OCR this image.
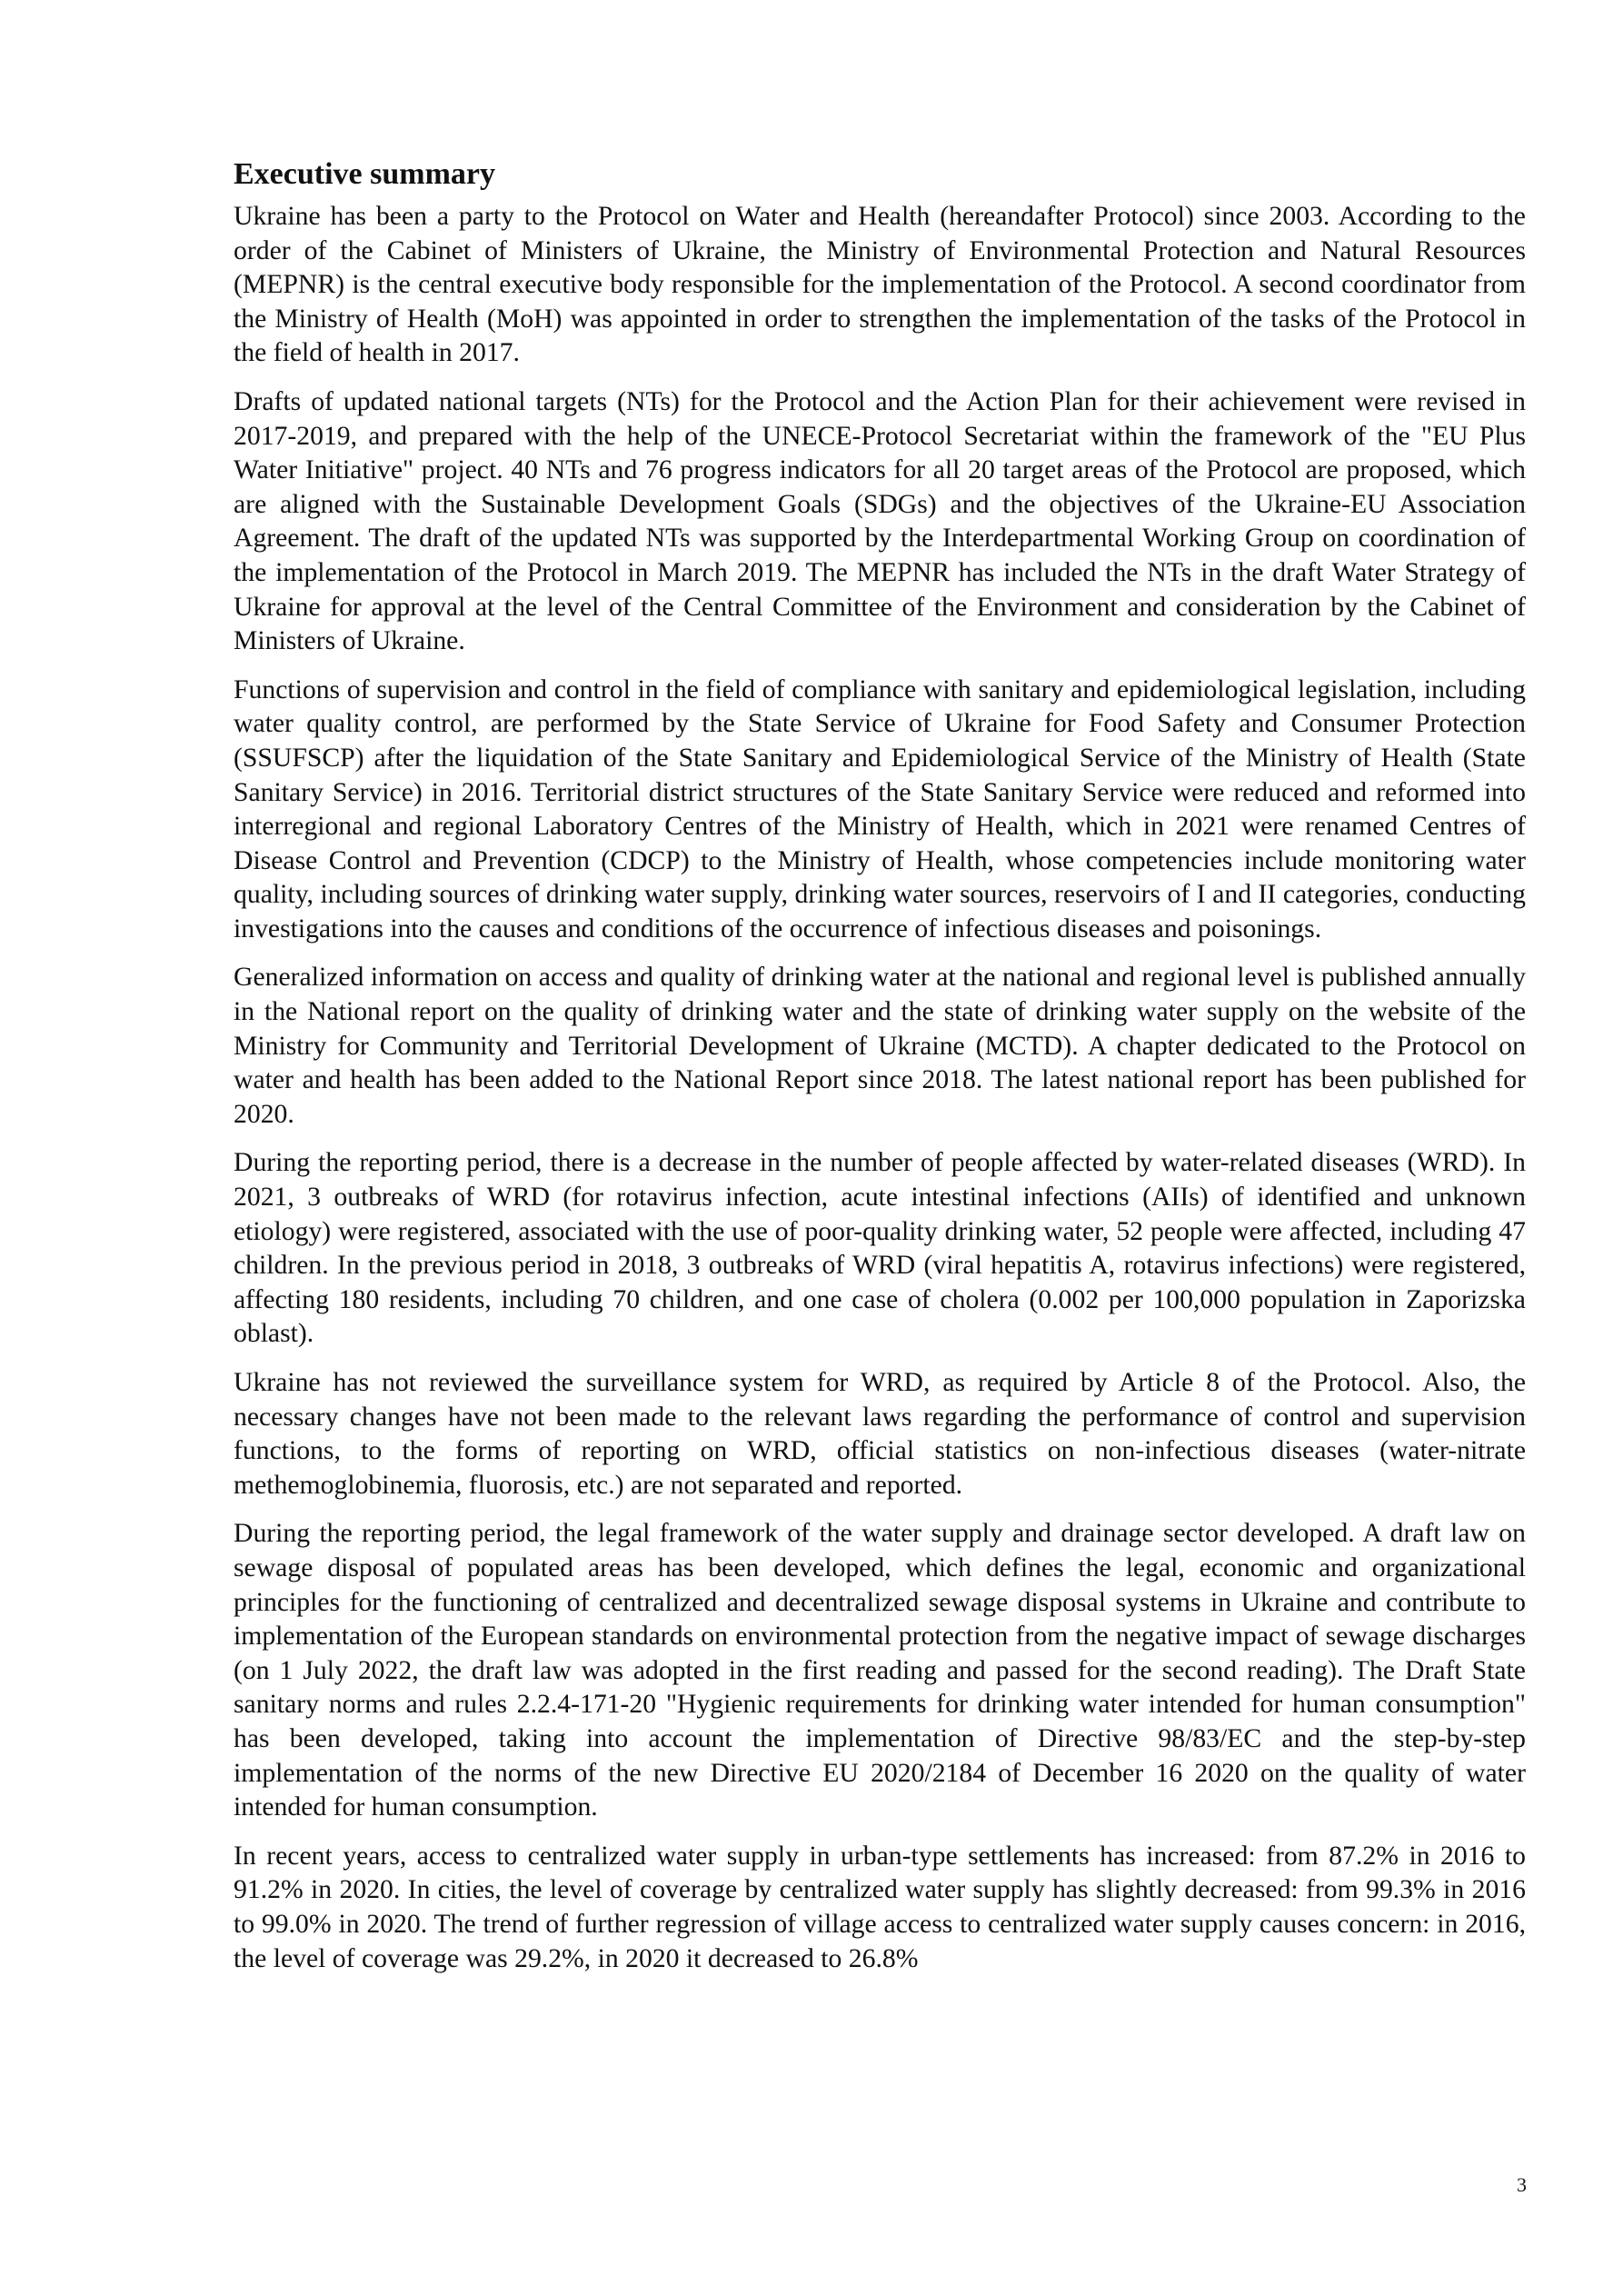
Executive summary

Ukraine has been a party to the Protocol on Water and Health (hereandafter Protocol) since 2003. According to the order of the Cabinet of Ministers of Ukraine, the Ministry of Environmental Protection and Natural Resources (MEPNR) is the central executive body responsible for the implementation of the Protocol. A second coordinator from the Ministry of Health (MoH) was appointed in order to strengthen the implementation of the tasks of the Protocol in the field of health in 2017.

Drafts of updated national targets (NTs) for the Protocol and the Action Plan for their achievement were revised in 2017-2019, and prepared with the help of the UNECE-Protocol Secretariat within the framework of the "EU Plus Water Initiative" project. 40 NTs and 76 progress indicators for all 20 target areas of the Protocol are proposed, which are aligned with the Sustainable Development Goals (SDGs) and the objectives of the Ukraine-EU Association Agreement. The draft of the updated NTs was supported by the Interdepartmental Working Group on coordination of the implementation of the Protocol in March 2019. The MEPNR has included the NTs in the draft Water Strategy of Ukraine for approval at the level of the Central Committee of the Environment and consideration by the Cabinet of Ministers of Ukraine.

Functions of supervision and control in the field of compliance with sanitary and epidemiological legislation, including water quality control, are performed by the State Service of Ukraine for Food Safety and Consumer Protection (SSUFSCP) after the liquidation of the State Sanitary and Epidemiological Service of the Ministry of Health (State Sanitary Service) in 2016. Territorial district structures of the State Sanitary Service were reduced and reformed into interregional and regional Laboratory Centres of the Ministry of Health, which in 2021 were renamed Centres of Disease Control and Prevention (CDCP) to the Ministry of Health, whose competencies include monitoring water quality, including sources of drinking water supply, drinking water sources, reservoirs of I and II categories, conducting investigations into the causes and conditions of the occurrence of infectious diseases and poisonings.

Generalized information on access and quality of drinking water at the national and regional level is published annually in the National report on the quality of drinking water and the state of drinking water supply on the website of the Ministry for Community and Territorial Development of Ukraine (MCTD). A chapter dedicated to the Protocol on water and health has been added to the National Report since 2018. The latest national report has been published for 2020.

During the reporting period, there is a decrease in the number of people affected by water-related diseases (WRD). In 2021, 3 outbreaks of WRD (for rotavirus infection, acute intestinal infections (AIIs) of identified and unknown etiology) were registered, associated with the use of poor-quality drinking water, 52 people were affected, including 47 children. In the previous period in 2018, 3 outbreaks of WRD (viral hepatitis A, rotavirus infections) were registered, affecting 180 residents, including 70 children, and one case of cholera (0.002 per 100,000 population in Zaporizska oblast).

Ukraine has not reviewed the surveillance system for WRD, as required by Article 8 of the Protocol. Also, the necessary changes have not been made to the relevant laws regarding the performance of control and supervision functions, to the forms of reporting on WRD, official statistics on non-infectious diseases (water-nitrate methemoglobinemia, fluorosis, etc.) are not separated and reported.

During the reporting period, the legal framework of the water supply and drainage sector developed. A draft law on sewage disposal of populated areas has been developed, which defines the legal, economic and organizational principles for the functioning of centralized and decentralized sewage disposal systems in Ukraine and contribute to implementation of the European standards on environmental protection from the negative impact of sewage discharges (on 1 July 2022, the draft law was adopted in the first reading and passed for the second reading). The Draft State sanitary norms and rules 2.2.4-171-20 "Hygienic requirements for drinking water intended for human consumption" has been developed, taking into account the implementation of Directive 98/83/EC and the step-by-step implementation of the norms of the new Directive EU 2020/2184 of December 16 2020 on the quality of water intended for human consumption.

In recent years, access to centralized water supply in urban-type settlements has increased: from 87.2% in 2016 to 91.2% in 2020. In cities, the level of coverage by centralized water supply has slightly decreased: from 99.3% in 2016 to 99.0% in 2020. The trend of further regression of village access to centralized water supply causes concern: in 2016, the level of coverage was 29.2%, in 2020 it decreased to 26.8%

3
